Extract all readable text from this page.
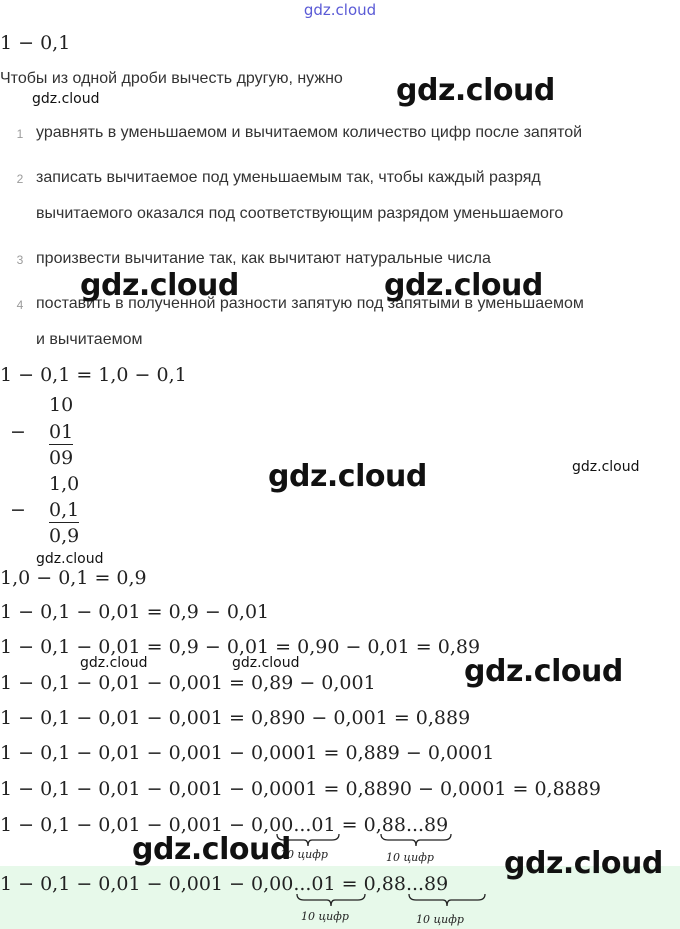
gdz.cloud
1 − 0,1
Чтобы из одной дроби вычесть другую, нужно
1 уравнять в уменьшаемом и вычитаемом количество цифр после запятой
2 записать вычитаемое под уменьшаемым так, чтобы каждый разряд
вычитаемого оказался под соответствующим разрядом уменьшаемого
3 произвести вычитание так, как вычитают натуральные числа
4 поставить в полученной разности запятую под запятыми в уменьшаемом
и вычитаемом
1 − 0,1 = 1,0 − 0,1
10
− 01
09
1,0
− 0,1
0,9
1,0 − 0,1 = 0,9
1 − 0,1 − 0,01 = 0,9 − 0,01
1 − 0,1 − 0,01 = 0,9 − 0,01 = 0,90 − 0,01 = 0,89
1 − 0,1 − 0,01 − 0,001 = 0,89 − 0,001
1 − 0,1 − 0,01 − 0,001 = 0,890 − 0,001 = 0,889
1 − 0,1 − 0,01 − 0,001 − 0,0001 = 0,889 − 0,0001
1 − 0,1 − 0,01 − 0,001 − 0,0001 = 0,8890 − 0,0001 = 0,8889
1 − 0,1 − 0,01 − 0,001 − 0,00...01 = 0,88...89
10 цифр	10 цифр
1 − 0,1 − 0,01 − 0,001 − 0,00...01 = 0,88...89
10 цифр	10 цифр
gdz.cloud	gdz.cloud
gdz.cloud	gdz.cloud
gdz.cloud	gdz.cloud
gdz.cloud
gdz.cloud	gdz.cloud	gdz.cloud
gdz.cloud	gdz.cloud
